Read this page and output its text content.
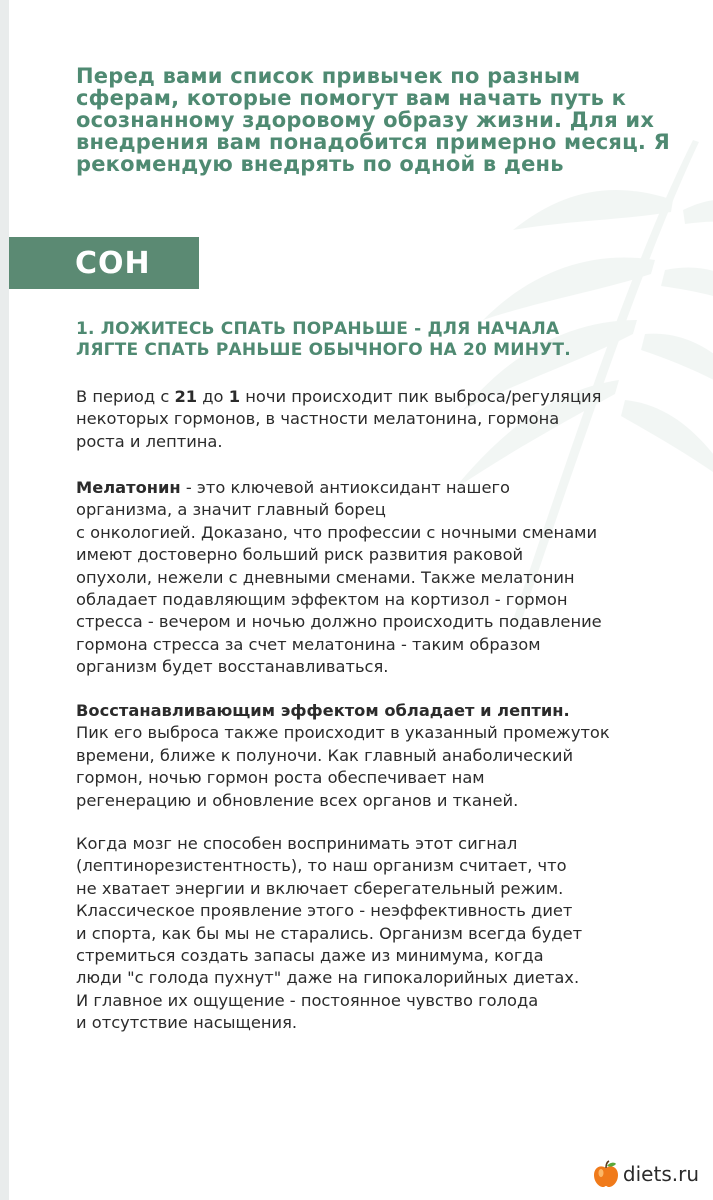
Перед вами список привычек по разным сферам, которые помогут вам начать путь к осознанному здоровому образу жизни. Для их внедрения вам понадобится примерно месяц. Я рекомендую внедрять по одной в день

СОН

1. ЛОЖИТЕСЬ СПАТЬ ПОРАНЬШЕ - ДЛЯ НАЧАЛА
ЛЯГТЕ СПАТЬ РАНЬШЕ ОБЫЧНОГО НА 20 МИНУТ.

В период с 21 до 1 ночи происходит пик выброса/регуляция
некоторых гормонов, в частности мелатонина, гормона
роста и лептина.

Мелатонин - это ключевой антиоксидант нашего
организма, а значит главный борец
с онкологией. Доказано, что профессии с ночными сменами
имеют достоверно больший риск развития раковой
опухоли, нежели с дневными сменами. Также мелатонин
обладает подавляющим эффектом на кортизол - гормон
стресса - вечером и ночью должно происходить подавление
гормона стресса за счет мелатонина - таким образом
организм будет восстанавливаться.

Восстанавливающим эффектом обладает и лептин.
Пик его выброса также происходит в указанный промежуток
времени, ближе к полуночи. Как главный анаболический
гормон, ночью гормон роста обеспечивает нам
регенерацию и обновление всех органов и тканей.

Когда мозг не способен воспринимать этот сигнал
(лептинорезистентность), то наш организм считает, что
не хватает энергии и включает сберегательный режим.
Классическое проявление этого - неэффективность диет
и спорта, как бы мы не старались. Организм всегда будет
стремиться создать запасы даже из минимума, когда
люди "с голода пухнут" даже на гипокалорийных диетах.
И главное их ощущение - постоянное чувство голода
и отсутствие насыщения.

diets.ru
